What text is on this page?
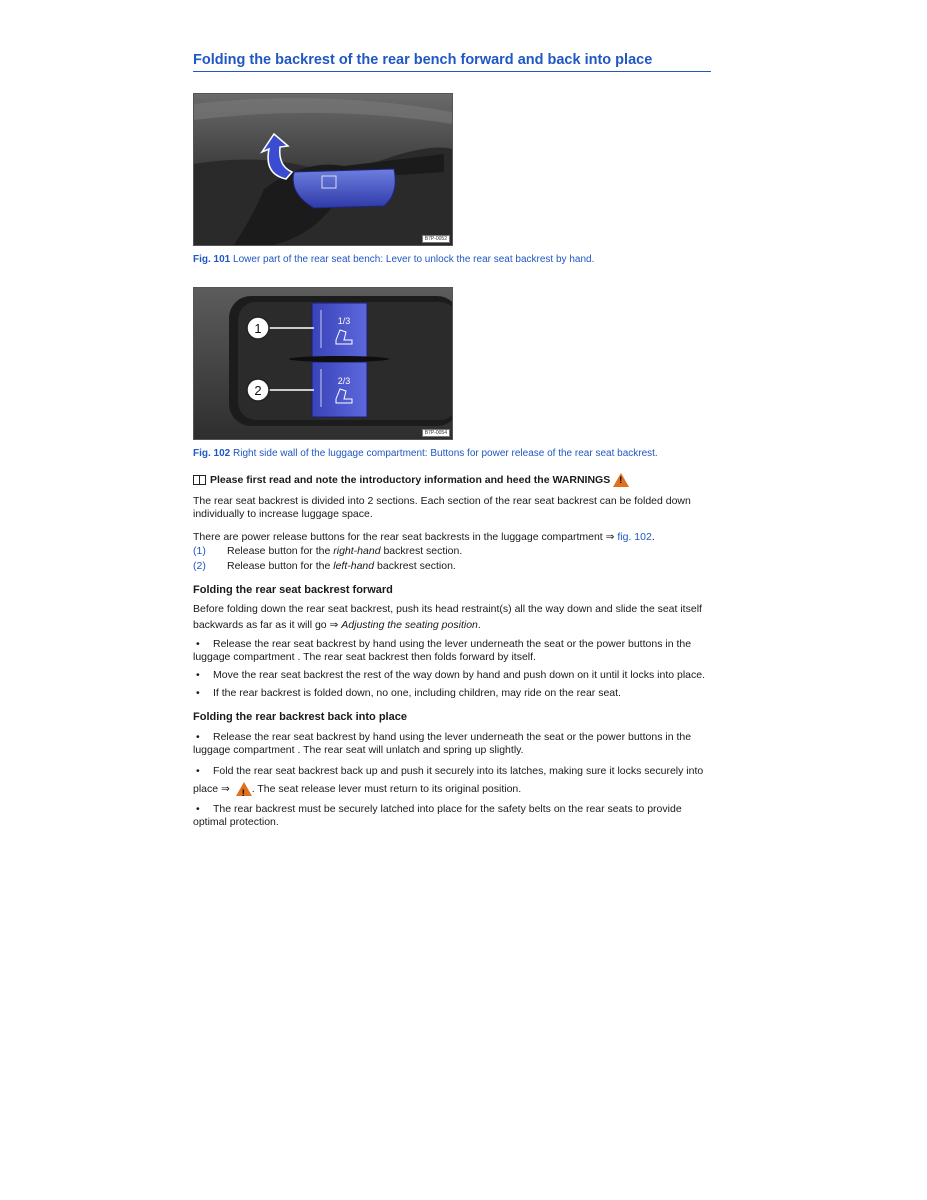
Folding the backrest of the rear bench forward and back into place
B7P-0052

Fig. 101 Lower part of the rear seat bench: Lever to unlock the rear seat backrest by hand.

1
2
1/3
2/3
B7P-0054

Fig. 102 Right side wall of the luggage compartment: Buttons for power release of the rear seat backrest.

Please first read and note the introductory information and heed the WARNINGS
!

The rear seat backrest is divided into 2 sections. Each section of the rear seat backrest can be folded down individually to increase luggage space.

There are power release buttons for the rear seat backrests in the luggage compartment ⇒ fig. 102.

(1)	Release button for the right-hand backrest section.
(2)	Release button for the left-hand backrest section.
Folding the rear seat backrest forward

Before folding down the rear seat backrest, push its head restraint(s) all the way down and slide the seat itself backwards as far as it will go ⇒ Adjusting the seating position.

• Release the rear seat backrest by hand using the lever underneath the seat or the power buttons in the luggage compartment . The rear seat backrest then folds forward by itself.
• Move the rear seat backrest the rest of the way down by hand and push down on it until it locks into place.
• If the rear backrest is folded down, no one, including children, may ride on the rear seat.
Folding the rear backrest back into place
• Release the rear seat backrest by hand using the lever underneath the seat or the power buttons in the luggage compartment . The rear seat will unlatch and spring up slightly.
• Fold the rear seat backrest back up and push it securely into its latches, making sure it locks securely into place ⇒ ! . The seat release lever must return to its original position.
• The rear backrest must be securely latched into place for the safety belts on the rear seats to provide optimal protection.
